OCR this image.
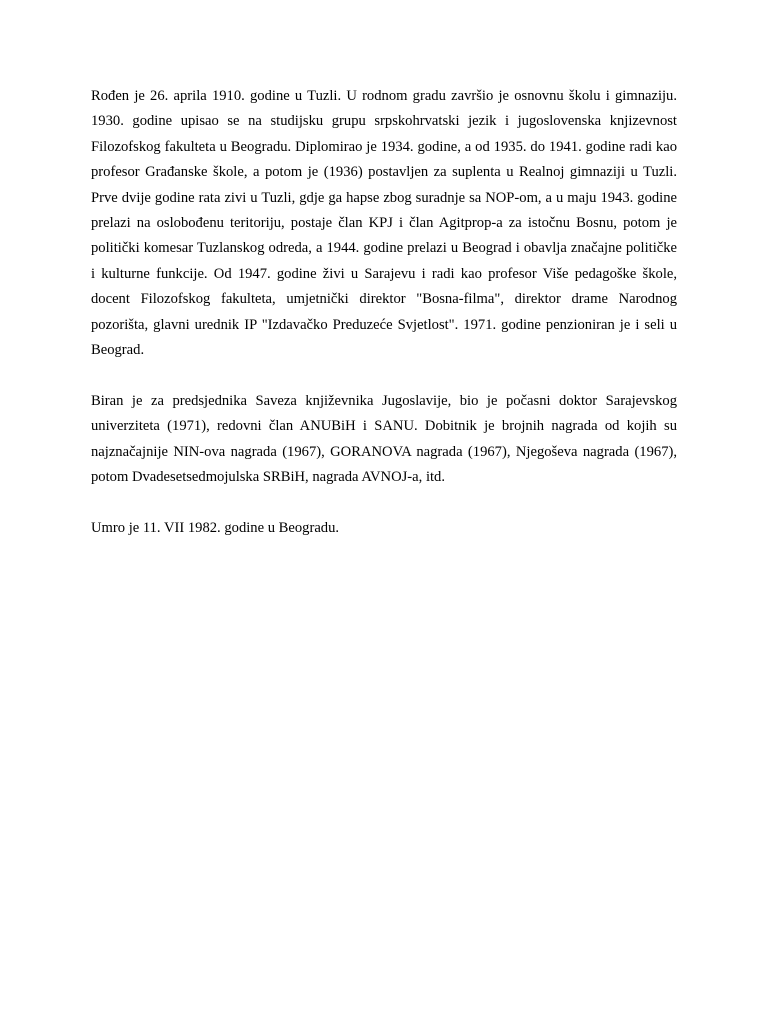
Rođen je 26. aprila 1910. godine u Tuzli. U rodnom gradu završio je osnovnu školu i gimnaziju. 1930. godine upisao se na studijsku grupu srpskohrvatski jezik i jugoslovenska knjizevnost Filozofskog fakulteta u Beogradu. Diplomirao je 1934. godine, a od 1935. do 1941. godine radi kao profesor Građanske škole, a potom je (1936) postavljen za suplenta u Realnoj gimnaziji u Tuzli. Prve dvije godine rata zivi u Tuzli, gdje ga hapse zbog suradnje sa NOP-om, a u maju 1943. godine prelazi na oslobođenu teritoriju, postaje član KPJ i član Agitprop-a za istočnu Bosnu, potom je politički komesar Tuzlanskog odreda, a 1944. godine prelazi u Beograd i obavlja značajne političke i kulturne funkcije. Od 1947. godine živi u Sarajevu i radi kao profesor Više pedagoške škole, docent Filozofskog fakulteta, umjetnički direktor "Bosna-filma", direktor drame Narodnog pozorišta, glavni urednik IP "Izdavačko Preduzeće Svjetlost". 1971. godine penzioniran je i seli u Beograd.

Biran je za predsjednika Saveza književnika Jugoslavije, bio je počasni doktor Sarajevskog univerziteta (1971), redovni član ANUBiH i SANU. Dobitnik je brojnih nagrada od kojih su najznačajnije NIN-ova nagrada (1967), GORANOVA nagrada (1967), Njegoševa nagrada (1967), potom Dvadesetsedmojulska SRBiH, nagrada AVNOJ-a, itd.

Umro je 11. VII 1982. godine u Beogradu.
